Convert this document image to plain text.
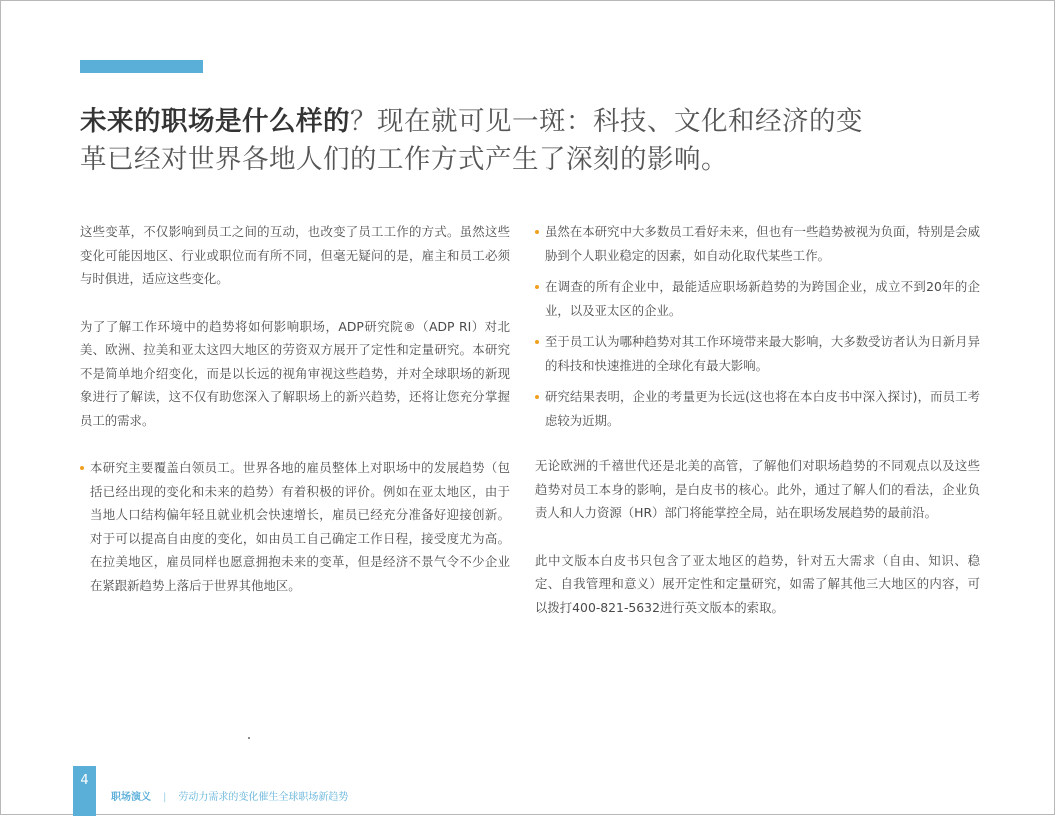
未来的职场是什么样的？现在就可见一斑：科技、文化和经济的变革已经对世界各地人们的工作方式产生了深刻的影响。

这些变革，不仅影响到员工之间的互动，也改变了员工工作的方式。虽然这些变化可能因地区、行业或职位而有所不同，但毫无疑问的是，雇主和员工必须与时俱进，适应这些变化。

为了了解工作环境中的趋势将如何影响职场，ADP研究院®（ADP RI）对北美、欧洲、拉美和亚太这四大地区的劳资双方展开了定性和定量研究。本研究不是简单地介绍变化，而是以长远的视角审视这些趋势，并对全球职场的新现象进行了解读，这不仅有助您深入了解职场上的新兴趋势，还将让您充分掌握员工的需求。

本研究主要覆盖白领员工。世界各地的雇员整体上对职场中的发展趋势（包括已经出现的变化和未来的趋势）有着积极的评价。例如在亚太地区，由于当地人口结构偏年轻且就业机会快速增长，雇员已经充分准备好迎接创新。对于可以提高自由度的变化，如由员工自己确定工作日程，接受度尤为高。在拉美地区，雇员同样也愿意拥抱未来的变革，但是经济不景气令不少企业在紧跟新趋势上落后于世界其他地区。
虽然在本研究中大多数员工看好未来，但也有一些趋势被视为负面，特别是会威胁到个人职业稳定的因素，如自动化取代某些工作。
在调查的所有企业中，最能适应职场新趋势的为跨国企业，成立不到20年的企业，以及亚太区的企业。
至于员工认为哪种趋势对其工作环境带来最大影响，大多数受访者认为日新月异的科技和快速推进的全球化有最大影响。
研究结果表明，企业的考量更为长远(这也将在本白皮书中深入探讨)，而员工考虑较为近期。

无论欧洲的千禧世代还是北美的高管，了解他们对职场趋势的不同观点以及这些趋势对员工本身的影响，是白皮书的核心。此外，通过了解人们的看法，企业负责人和人力资源（HR）部门将能掌控全局，站在职场发展趋势的最前沿。

此中文版本白皮书只包含了亚太地区的趋势，针对五大需求（自由、知识、稳定、自我管理和意义）展开定性和定量研究，如需了解其他三大地区的内容，可以拨打400-821-5632进行英文版本的索取。

4
职场演义 | 劳动力需求的变化催生全球职场新趋势
